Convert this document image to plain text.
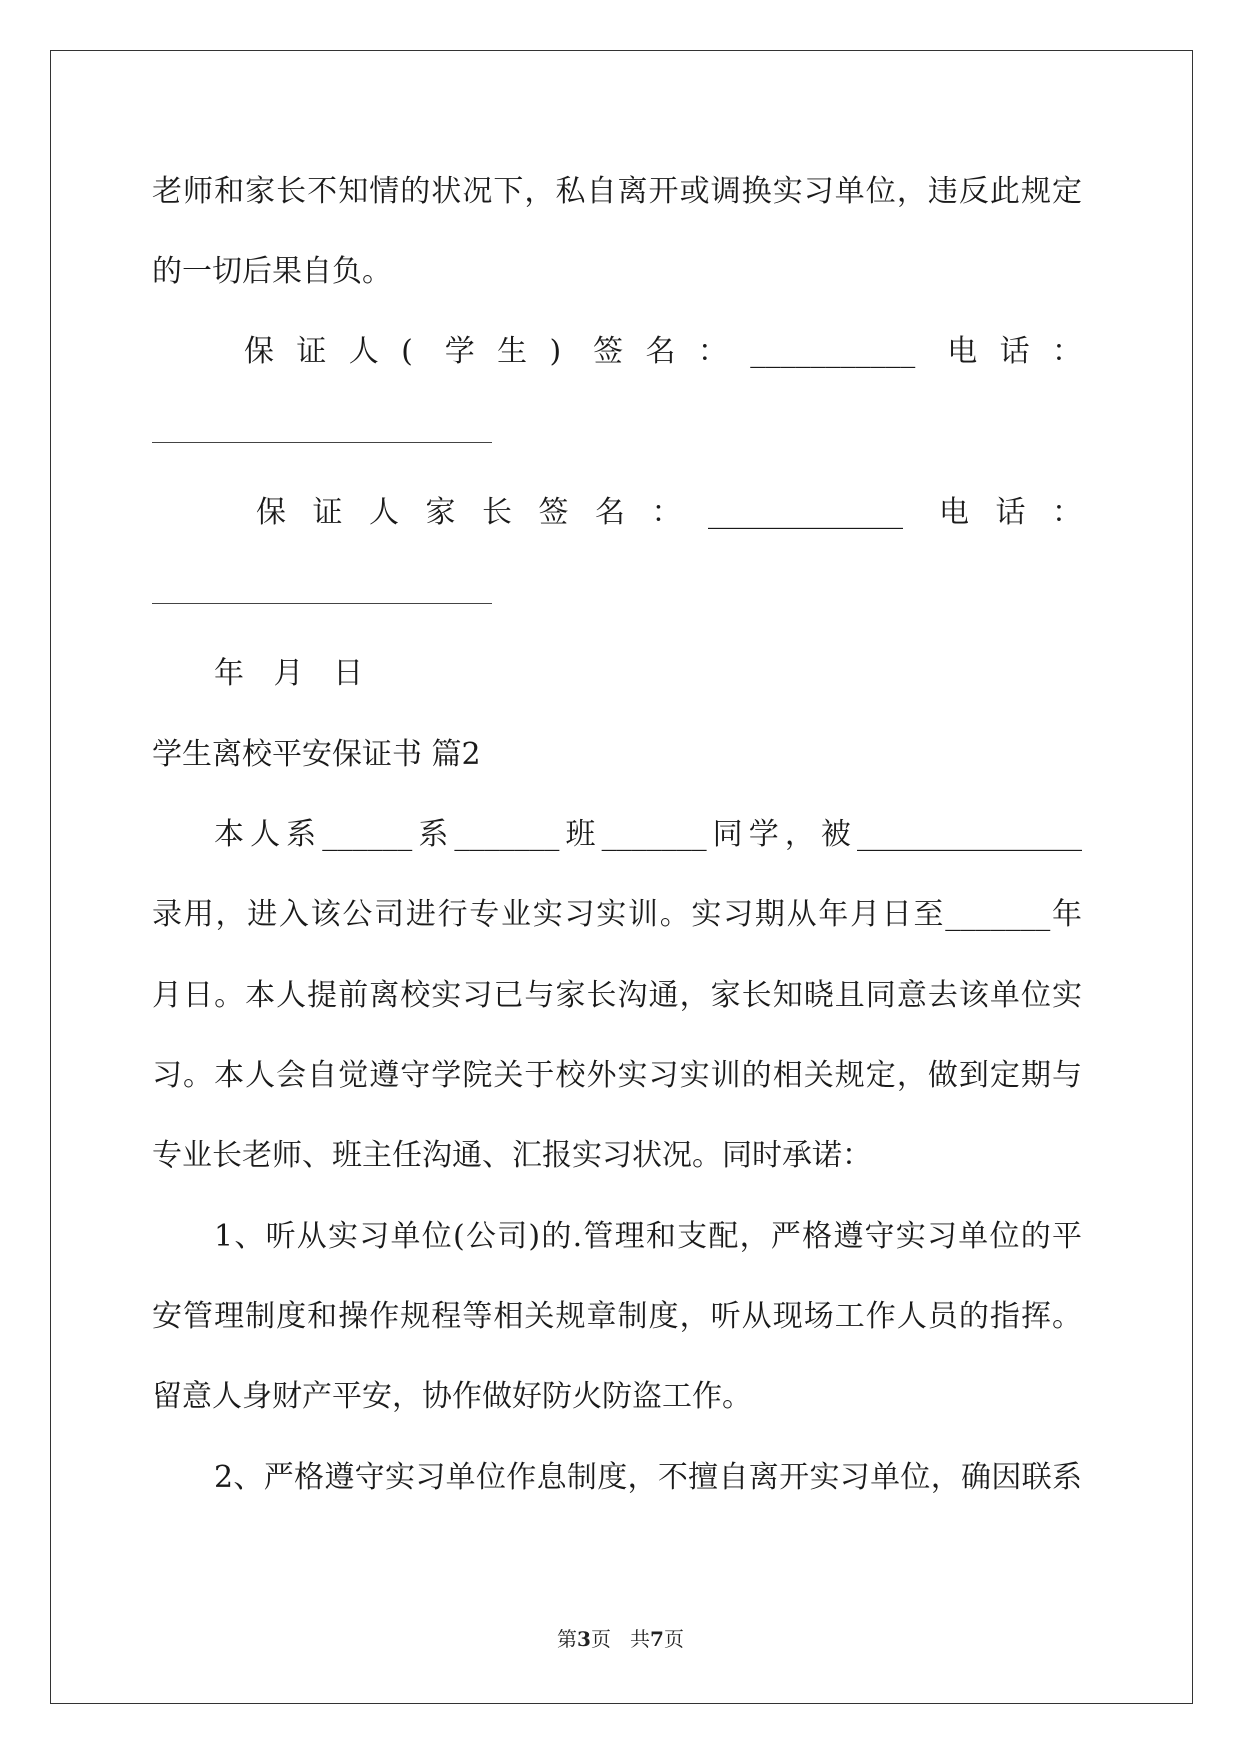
老师和家长不知情的状况下，私自离开或调换实习单位，违反此规定
的一切后果自负。
保证人( 学生) 签名：___________ 电话：
保证人家长签名：_____________ 电话：
年 月 日
学生离校平安保证书 篇2
本人系______系_______班_______同学，被_______________
录用，进入该公司进行专业实习实训。实习期从年月日至_______年
月日。本人提前离校实习已与家长沟通，家长知晓且同意去该单位实
习。本人会自觉遵守学院关于校外实习实训的相关规定，做到定期与
专业长老师、班主任沟通、汇报实习状况。同时承诺：
1、听从实习单位(公司)的.管理和支配，严格遵守实习单位的平
安管理制度和操作规程等相关规章制度，听从现场工作人员的指挥。
留意人身财产平安，协作做好防火防盗工作。
2、严格遵守实习单位作息制度，不擅自离开实习单位，确因联系
第3页   共7页
